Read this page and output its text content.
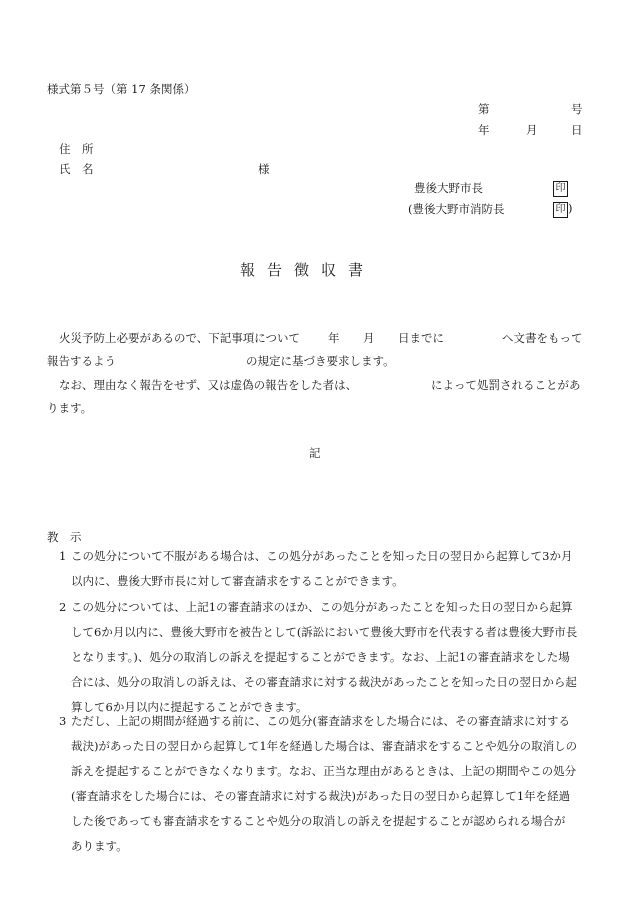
様式第５号（第 17 条関係）
第	号
年	月	日
住　所
氏　名	様
豊後大野市長	印
(豊後大野市消防長	印 )
報告徴収書
火災予防上必要があるので、下記事項について 年 月 日までに	へ文書をもって
報告するよう	の規定に基づき要求します。
なお、理由なく報告をせず、又は虚偽の報告をした者は、	によって処罰されることがあ
ります。
記
教　示
1 この処分について不服がある場合は、この処分があったことを知った日の翌日から起算して3か月
以内に、豊後大野市長に対して審査請求をすることができます。
2 この処分については、上記1の審査請求のほか、この処分があったことを知った日の翌日から起算
して6か月以内に、豊後大野市を被告として(訴訟において豊後大野市を代表する者は豊後大野市長
となります。)、処分の取消しの訴えを提起することができます。なお、上記1の審査請求をした場
合には、処分の取消しの訴えは、その審査請求に対する裁決があったことを知った日の翌日から起
算して6か月以内に提起することができます。
3 ただし、上記の期間が経過する前に、この処分(審査請求をした場合には、その審査請求に対する
裁決)があった日の翌日から起算して1年を経過した場合は、審査請求をすることや処分の取消しの
訴えを提起することができなくなります。なお、正当な理由があるときは、上記の期間やこの処分
(審査請求をした場合には、その審査請求に対する裁決)があった日の翌日から起算して1年を経過
した後であっても審査請求をすることや処分の取消しの訴えを提起することが認められる場合が
あります。
